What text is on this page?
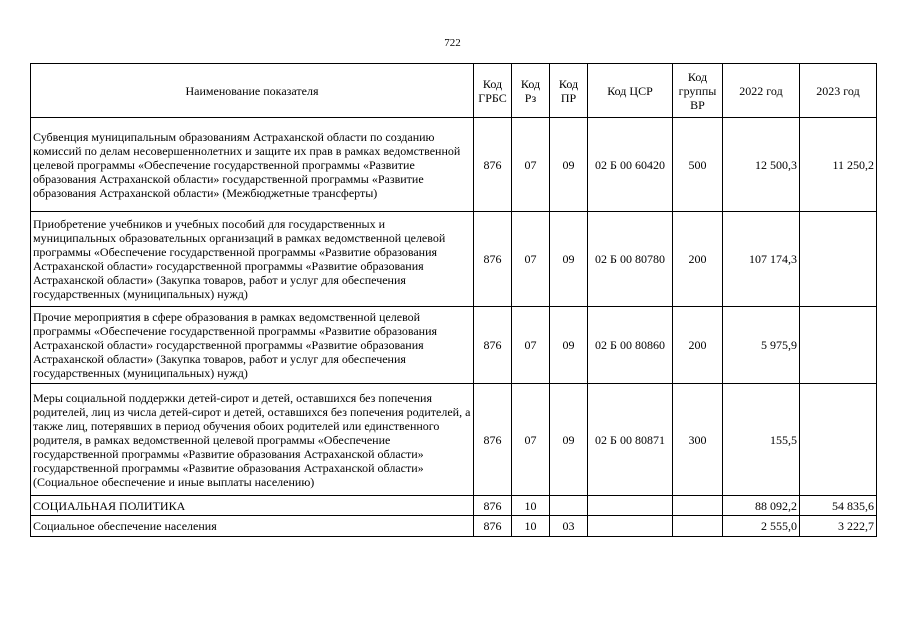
722
Наименование показателя	Код ГРБС	Код Рз	Код ПР	Код ЦСР	Код группы ВР	2022 год	2023 год
Субвенция муниципальным образованиям Астраханской области по созданию комиссий по делам несовершеннолетних и защите их прав в рамках ведомственной целевой программы «Обеспечение государственной программы «Развитие образования Астраханской области» государственной программы «Развитие образования Астраханской области» (Межбюджетные трансферты)	876	07	09	02 Б 00 60420	500	12 500,3	11 250,2
Приобретение учебников и учебных пособий для государственных и муниципальных образовательных организаций в рамках ведомственной целевой программы «Обеспечение государственной программы «Развитие образования Астраханской области» государственной программы «Развитие образования Астраханской области» (Закупка товаров, работ и услуг для обеспечения государственных (муниципальных) нужд)	876	07	09	02 Б 00 80780	200	107 174,3	
Прочие мероприятия в сфере образования в рамках ведомственной целевой программы «Обеспечение государственной программы «Развитие образования Астраханской области» государственной программы «Развитие образования Астраханской области» (Закупка товаров, работ и услуг для обеспечения государственных (муниципальных) нужд)	876	07	09	02 Б 00 80860	200	5 975,9	
Меры социальной поддержки детей-сирот и детей, оставшихся без попечения родителей, лиц из числа детей-сирот и детей, оставшихся без попечения родителей, а также лиц, потерявших в период обучения обоих родителей или единственного родителя, в рамках ведомственной целевой программы «Обеспечение государственной программы «Развитие образования Астраханской области» государственной программы «Развитие образования Астраханской области» (Социальное обеспечение и иные выплаты населению)	876	07	09	02 Б 00 80871	300	155,5	
СОЦИАЛЬНАЯ ПОЛИТИКА	876	10				88 092,2	54 835,6
Социальное обеспечение населения	876	10	03			2 555,0	3 222,7
